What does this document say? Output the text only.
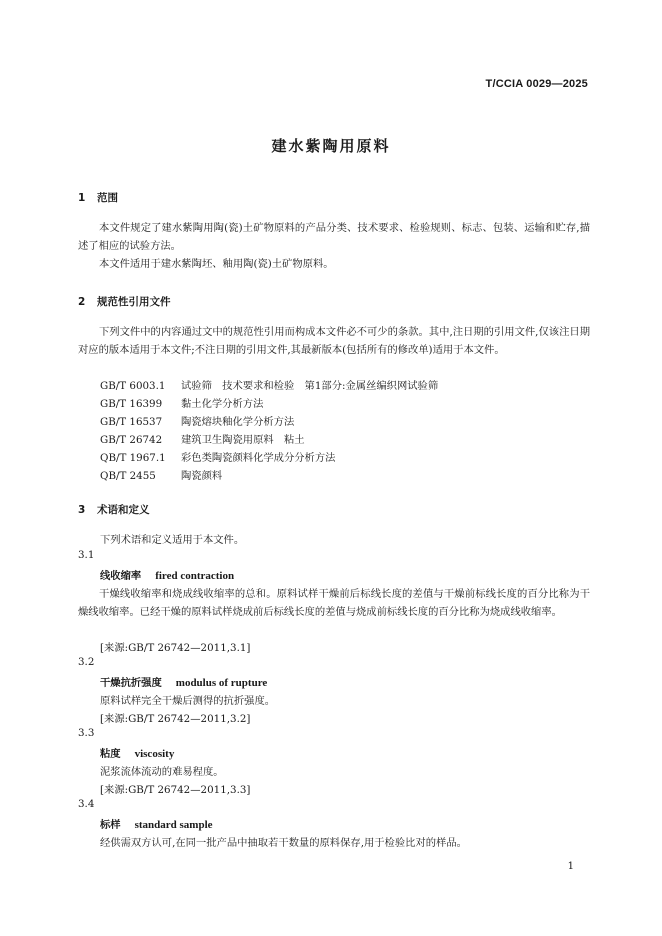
T/CCIA 0029—2025
建水紫陶用原料
1 范围
本文件规定了建水紫陶用陶(瓷)土矿物原料的产品分类、技术要求、检验规则、标志、包装、运输和贮存,描述了相应的试验方法。
本文件适用于建水紫陶坯、釉用陶(瓷)土矿物原料。
2 规范性引用文件
下列文件中的内容通过文中的规范性引用而构成本文件必不可少的条款。其中,注日期的引用文件,仅该注日期对应的版本适用于本文件;不注日期的引用文件,其最新版本(包括所有的修改单)适用于本文件。
GB/T 6003.1 试验筛　技术要求和检验　第1部分:金属丝编织网试验筛
GB/T 16399 黏土化学分析方法
GB/T 16537 陶瓷熔块釉化学分析方法
GB/T 26742 建筑卫生陶瓷用原料　粘土
QB/T 1967.1 彩色类陶瓷颜料化学成分分析方法
QB/T 2455 陶瓷颜料
3 术语和定义
下列术语和定义适用于本文件。
3.1
线收缩率 fired contraction
干燥线收缩率和烧成线收缩率的总和。原料试样干燥前后标线长度的差值与干燥前标线长度的百分比称为干燥线收缩率。已经干燥的原料试样烧成前后标线长度的差值与烧成前标线长度的百分比称为烧成线收缩率。
[来源:GB/T 26742—2011,3.1]
3.2
干燥抗折强度 modulus of rupture
原料试样完全干燥后测得的抗折强度。
[来源:GB/T 26742—2011,3.2]
3.3
粘度 viscosity
泥浆流体流动的难易程度。
[来源:GB/T 26742—2011,3.3]
3.4
标样 standard sample
经供需双方认可,在同一批产品中抽取若干数量的原料保存,用于检验比对的样品。
1
